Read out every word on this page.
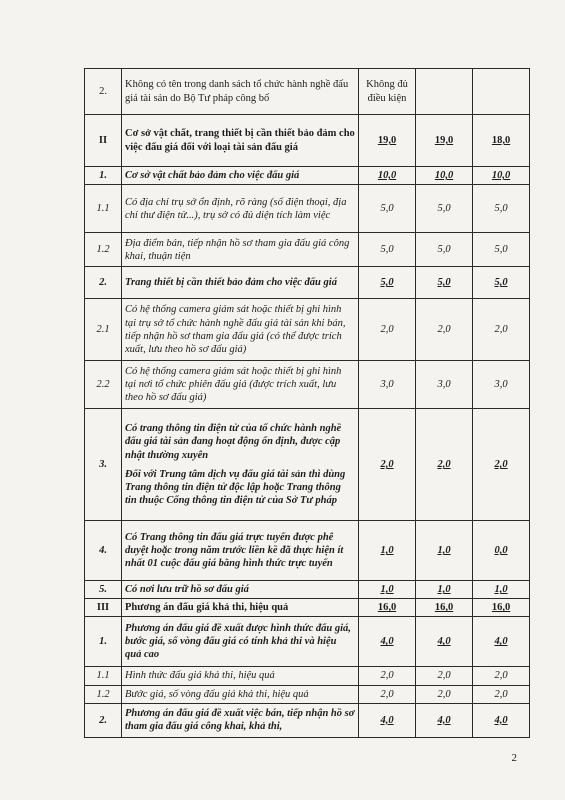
2.	Không có tên trong danh sách tổ chức hành nghề đấu giá tài sản do Bộ Tư pháp công bố	Không đủ điều kiện		
II	Cơ sở vật chất, trang thiết bị cần thiết bảo đảm cho việc đấu giá đối với loại tài sản đấu giá	19,0	19,0	18,0
1.	Cơ sở vật chất bảo đảm cho việc đấu giá	10,0	10,0	10,0
1.1	Có địa chỉ trụ sở ổn định, rõ ràng (số điện thoại, địa chỉ thư điện tử...), trụ sở có đủ diện tích làm việc	5,0	5,0	5,0
1.2	Địa điểm bán, tiếp nhận hồ sơ tham gia đấu giá công khai, thuận tiện	5,0	5,0	5,0
2.	Trang thiết bị cần thiết bảo đảm cho việc đấu giá	5,0	5,0	5,0
2.1	Có hệ thống camera giám sát hoặc thiết bị ghi hình tại trụ sở tổ chức hành nghề đấu giá tài sản khi bán, tiếp nhận hồ sơ tham gia đấu giá (có thể được trích xuất, lưu theo hồ sơ đấu giá)	2,0	2,0	2,0
2.2	Có hệ thống camera giám sát hoặc thiết bị ghi hình tại nơi tổ chức phiên đấu giá (được trích xuất, lưu theo hồ sơ đấu giá)	3,0	3,0	3,0
3.	Có trang thông tin điện tử của tổ chức hành nghề đấu giá tài sản đang hoạt động ổn định, được cập nhật thường xuyên
Đối với Trung tâm dịch vụ đấu giá tài sản thì dùng Trang thông tin điện tử độc lập hoặc Trang thông tin thuộc Cổng thông tin điện tử của Sở Tư pháp	2,0	2,0	2,0
4.	Có Trang thông tin đấu giá trực tuyến được phê duyệt hoặc trong năm trước liền kề đã thực hiện ít nhất 01 cuộc đấu giá bằng hình thức trực tuyến	1,0	1,0	0,0
5.	Có nơi lưu trữ hồ sơ đấu giá	1,0	1,0	1,0
III	Phương án đấu giá khả thi, hiệu quả	16,0	16,0	16,0
1.	Phương án đấu giá đề xuất được hình thức đấu giá, bước giá, số vòng đấu giá có tính khả thi và hiệu quả cao	4,0	4,0	4,0
1.1	Hình thức đấu giá khả thi, hiệu quả	2,0	2,0	2,0
1.2	Bước giá, số vòng đấu giá khả thi, hiệu quả	2,0	2,0	2,0
2.	Phương án đấu giá đề xuất việc bán, tiếp nhận hồ sơ tham gia đấu giá công khai, khả thi,	4,0	4,0	4,0
2
